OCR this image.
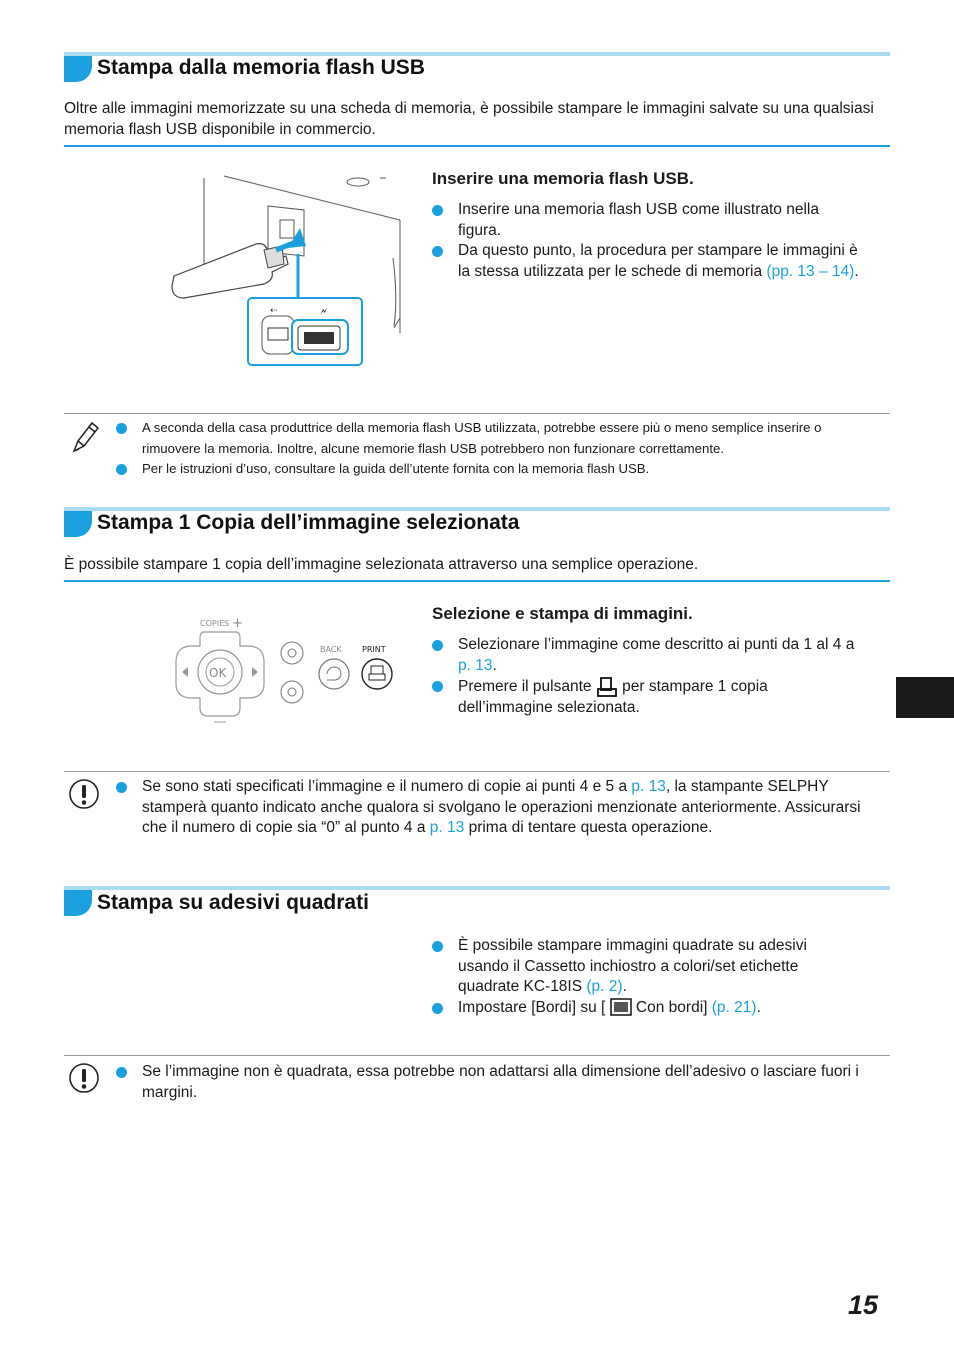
Stampa dalla memoria flash USB
Oltre alle immagini memorizzate su una scheda di memoria, è possibile stampare le immagini salvate su una qualsiasi memoria flash USB disponibile in commercio.
⇠	🗲
Inserire una memoria flash USB.
Inserire una memoria flash USB come illustrato nella figura.
Da questo punto, la procedura per stampare le immagini è la stessa utilizzata per le schede di memoria (pp. 13 – 14).
A seconda della casa produttrice della memoria flash USB utilizzata, potrebbe essere più o meno semplice inserire o rimuovere la memoria. Inoltre, alcune memorie flash USB potrebbero non funzionare correttamente.
Per le istruzioni d’uso, consultare la guida dell’utente fornita con la memoria flash USB.
Stampa 1 Copia dell’immagine selezionata
È possibile stampare 1 copia dell’immagine selezionata attraverso una semplice operazione.
COPIES +
OK
BACK	PRINT
Selezione e stampa di immagini.
Selezionare l’immagine come descritto ai punti da 1 al 4 a p. 13.
Premere il pulsante  per stampare 1 copia dell’immagine selezionata.
Se sono stati specificati l’immagine e il numero di copie ai punti 4 e 5 a p. 13, la stampante SELPHY stamperà quanto indicato anche qualora si svolgano le operazioni menzionate anteriormente. Assicurarsi che il numero di copie sia “0” al punto 4 a p. 13 prima di tentare questa operazione.
Stampa su adesivi quadrati
È possibile stampare immagini quadrate su adesivi usando il Cassetto inchiostro a colori/set etichette quadrate KC-18IS (p. 2).
Impostare [Bordi] su [  Con bordi] (p. 21).
Se l’immagine non è quadrata, essa potrebbe non adattarsi alla dimensione dell’adesivo o lasciare fuori i margini.
15
